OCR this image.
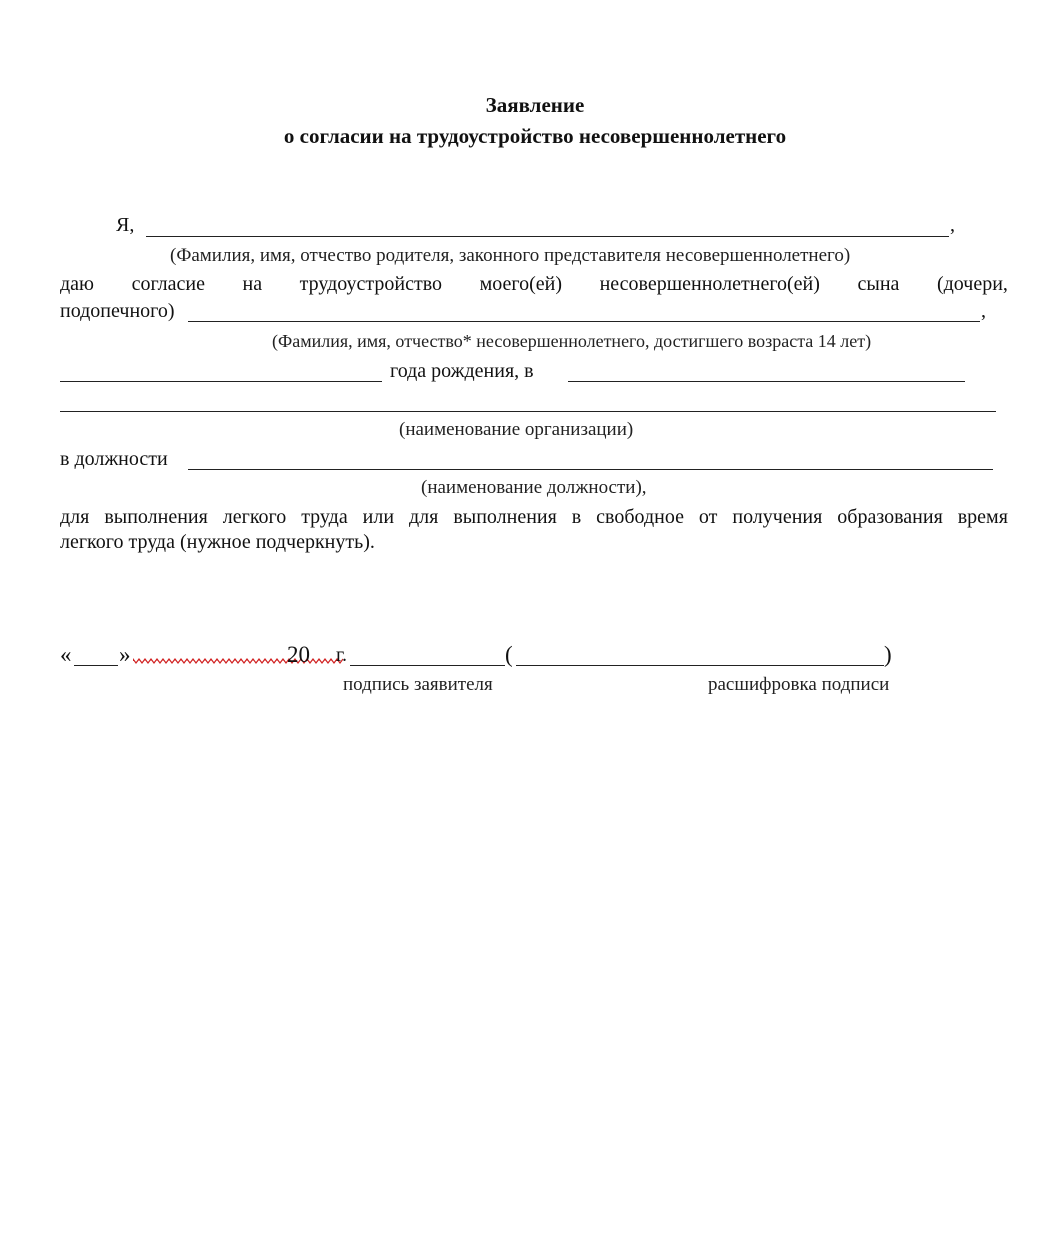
Заявление
о согласии на трудоустройство несовершеннолетнего
Я,	,
(Фамилия, имя, отчество родителя, законного представителя несовершеннолетнего)
даю согласие на трудоустройство моего(ей) несовершеннолетнего(ей) сына (дочери,
подопечного)	,
(Фамилия, имя, отчество* несовершеннолетнего, достигшего возраста 14 лет)
года рождения, в
(наименование организации)
в должности
(наименование должности),
для выполнения легкого труда или для выполнения в свободное от получения образования время
легкого труда (нужное подчеркнуть).
« »	20 г.	(	)
подпись заявителя	расшифровка подписи
